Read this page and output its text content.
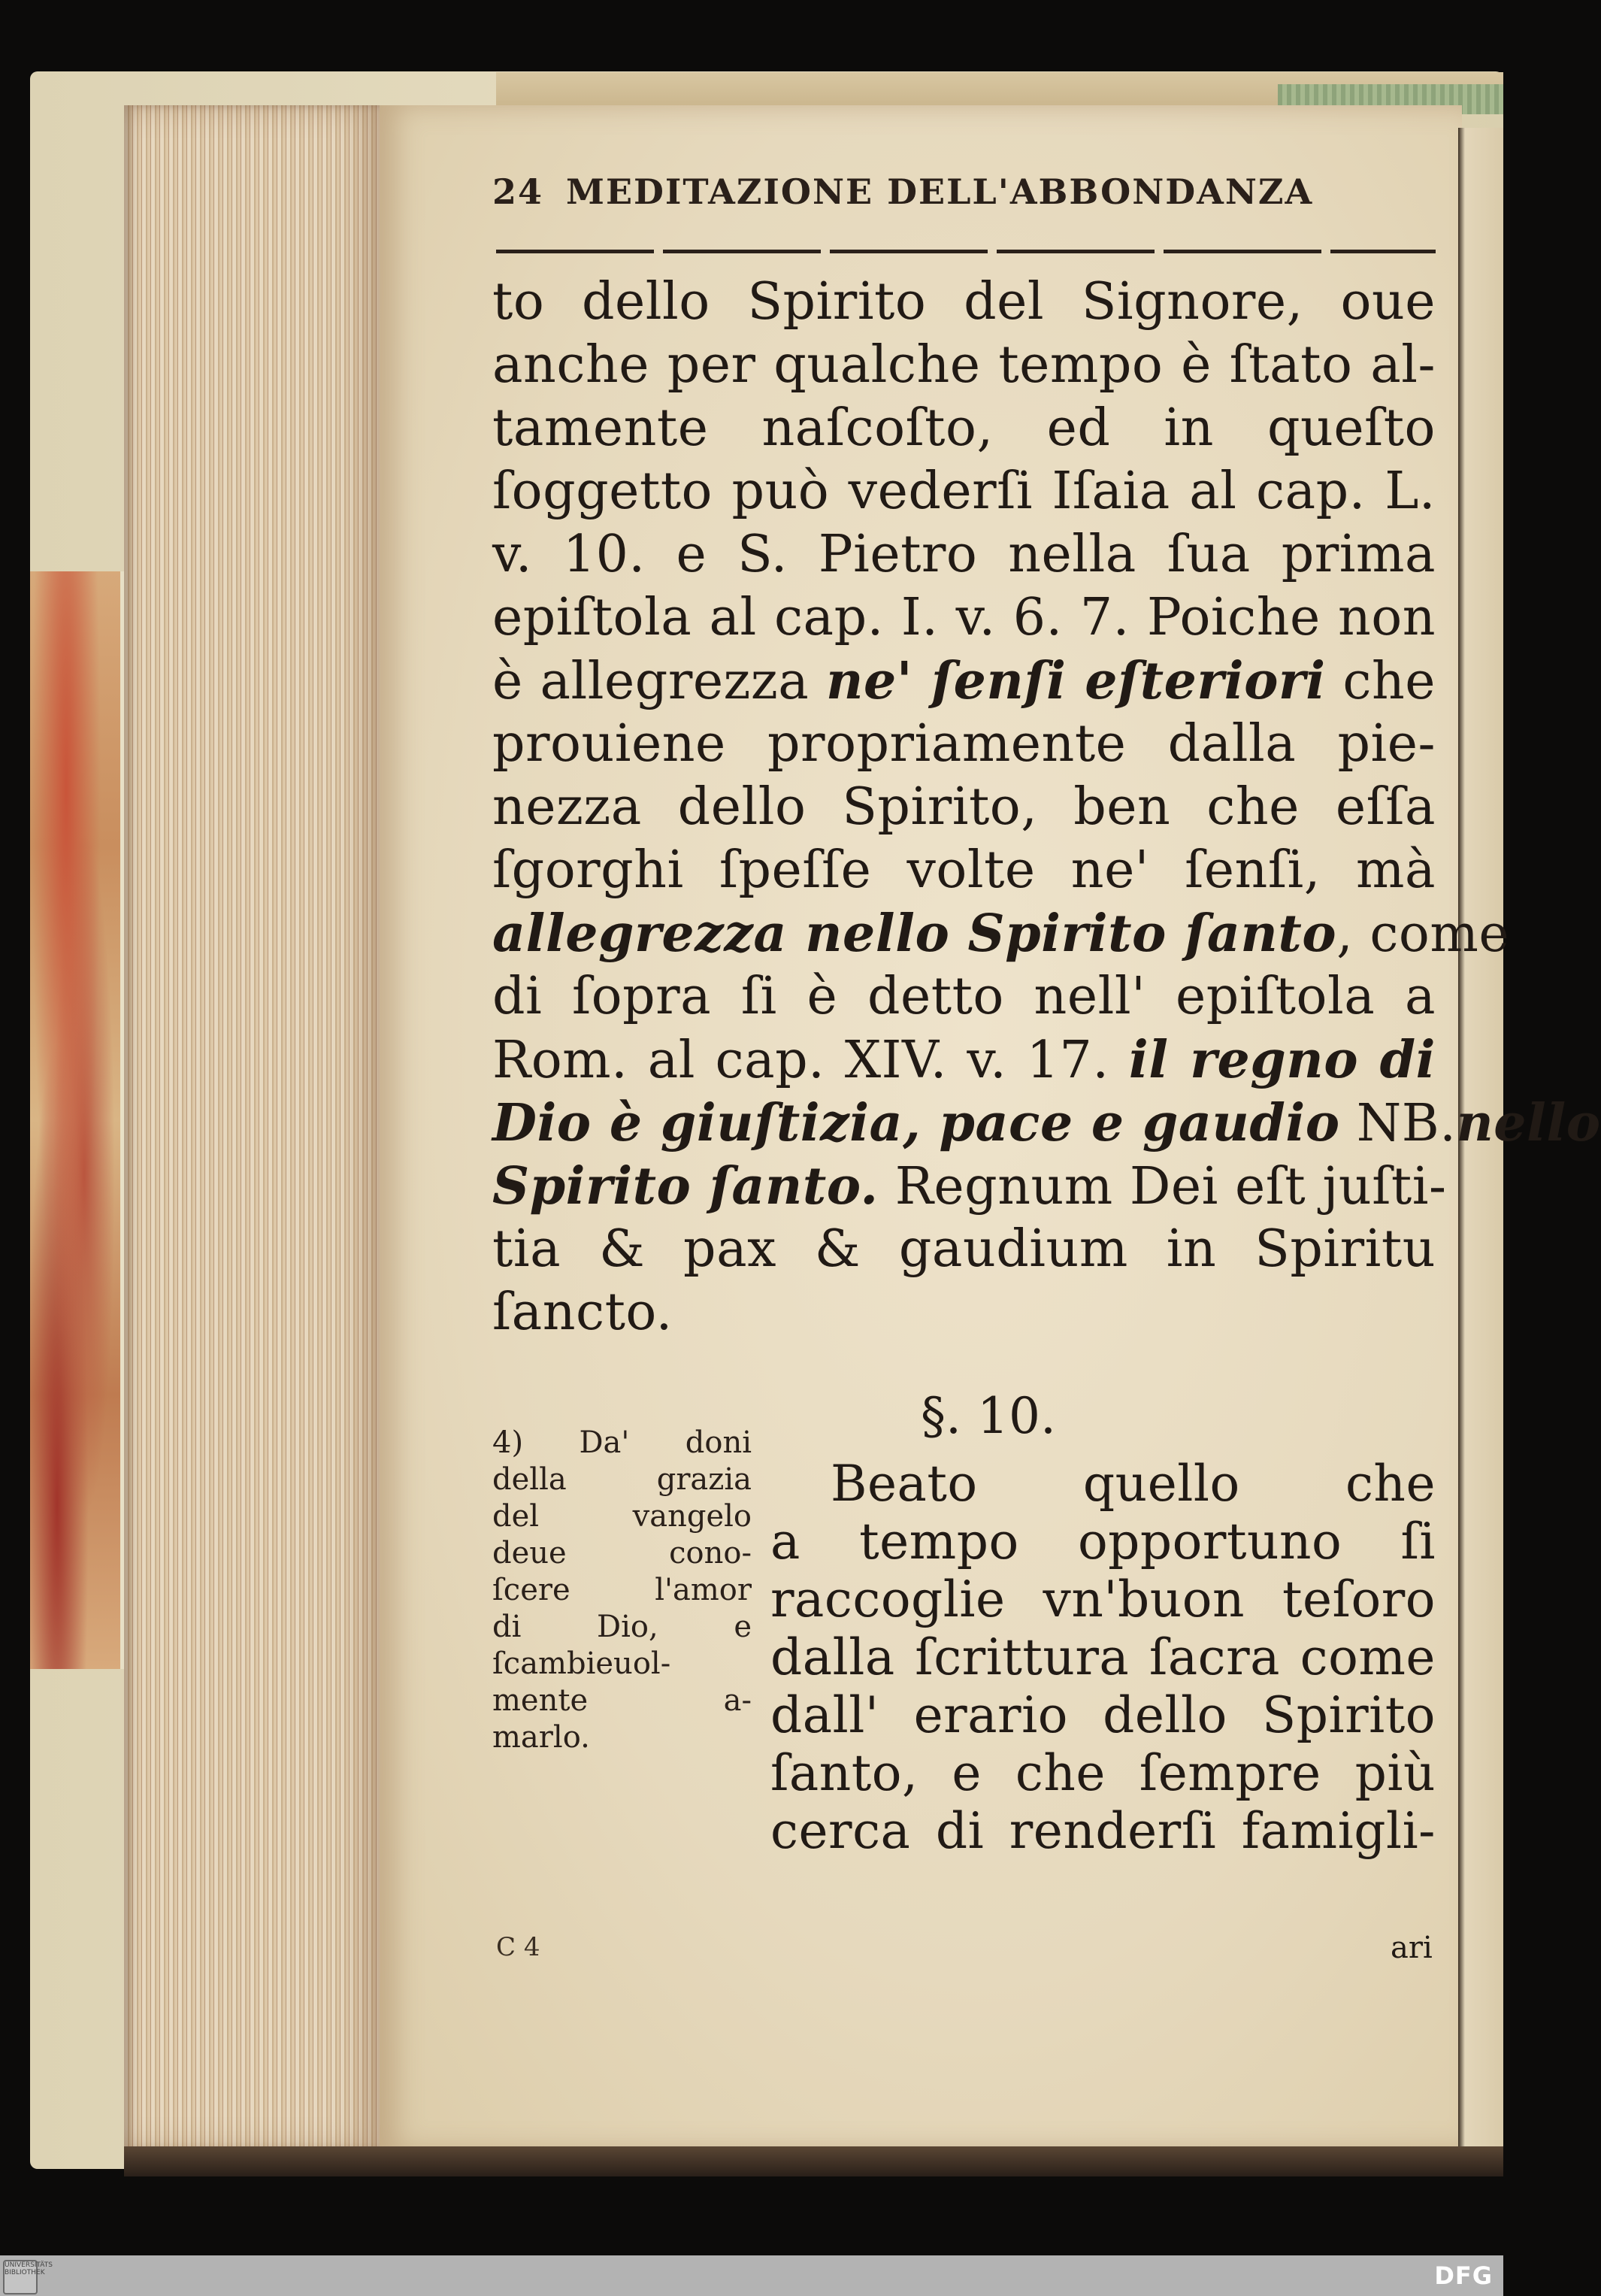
24 MEDITAZIONE DELL'ABBONDANZA
to dello Spirito del Signore, oue
anche per qualche tempo è ſtato al-
tamente naſcoſto, ed in queſto
ſoggetto può vederſi Iſaia al cap. L.
v. 10. e S. Pietro nella ſua prima
epiſtola al cap. I. v. 6. 7. Poiche non
è allegrezza ne' ſenſi eſteriori che
prouiene propriamente dalla pie-
nezza dello Spirito, ben che eſſa
ſgorghi ſpeſſe volte ne' ſenſi, mà
allegrezza nello Spirito ſanto, come
di ſopra ſi è detto nell' epiſtola a
Rom. al cap. XIV. v. 17. il regno di
Dio è giuſtizia, pace e gaudio NB.nello
Spirito ſanto. Regnum Dei eſt juſti-
tia & pax & gaudium in Spiritu
ſancto.
§. 10.
4) Da' doni
della grazia
del vangelo
deue cono-
ſcere l'amor
di Dio, e
ſcambieuol-
mente a-
marlo.
Beato quello che
a tempo opportuno ſi
raccoglie vn'buon teſoro
dalla ſcrittura ſacra come
dall' erario dello Spirito
ſanto, e che ſempre più
cerca di renderſi famigli-
C 4	ari
UNIVERSITÄTS BIBLIOTHEK	DFG
